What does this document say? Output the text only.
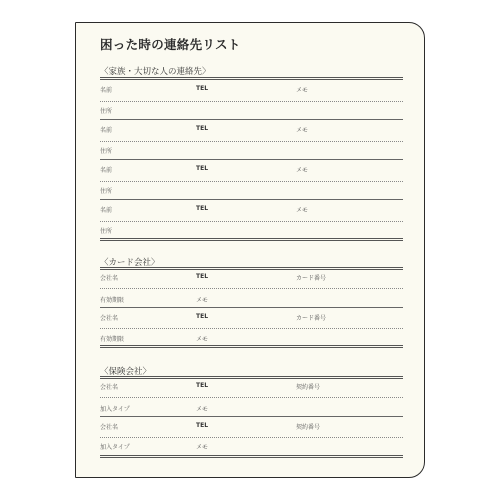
困った時の連絡先リスト
〈家族・大切な人の連絡先〉
名前	TEL	メモ
住所
名前	TEL	メモ
住所
名前	TEL	メモ
住所
名前	TEL	メモ
住所
〈カード会社〉
会社名	TEL	カード番号
有効期限	メモ
会社名	TEL	カード番号
有効期限	メモ
〈保険会社〉
会社名	TEL	契約番号
加入タイプ	メモ
会社名	TEL	契約番号
加入タイプ	メモ
